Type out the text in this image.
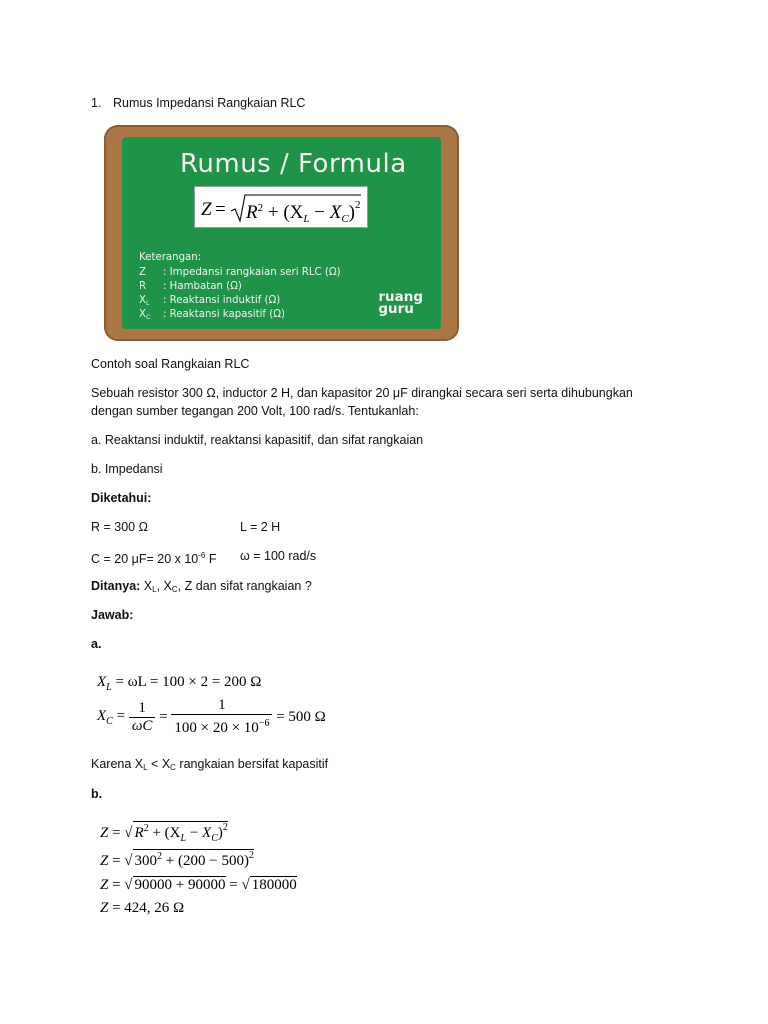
1. Rumus Impedansi Rangkaian RLC
Rumus / Formula
$Z = R^2 + (X_L - X_C)^2$
Keterangan:
Z : Impedansi rangkaian seri RLC (Ω)
R : Hambatan (Ω)
$X_L$ : Reaktansi induktif (Ω)
$X_C$ : Reaktansi kapasitif (Ω)
ruang
guru
Contoh soal Rangkaian RLC
Sebuah resistor 300 Ω, inductor 2 H, dan kapasitor 20 μF dirangkai secara seri serta dihubungkan
dengan sumber tegangan 200 Volt, 100 rad/s. Tentukanlah:
a. Reaktansi induktif, reaktansi kapasitif, dan sifat rangkaian
b. Impedansi
Diketahui:
R = 300 Ω	L = 2 H
C = 20 μF= 20 x $10^{-6}$ F ω = 100 rad/s
Ditanya: $X_L$, $X_C$, Z dan sifat rangkaian ?
Jawab:
a.
$X_L = \omega L = 100 \times 2 = 200$ Ω
$X_C = \frac{1}{\omega C} = \frac{1}{100 \times 20 \times 10^{-6}} = 500$ Ω
Karena $X_L < X_C$ rangkaian bersifat kapasitif
b.
Z = √ $R^2 + (X_L - X_C)^2$
Z = √ $300^2 + (200 - 500)^2$
Z = √ 90000 + 90000 = √ 180000
Z = 424, 26 Ω
